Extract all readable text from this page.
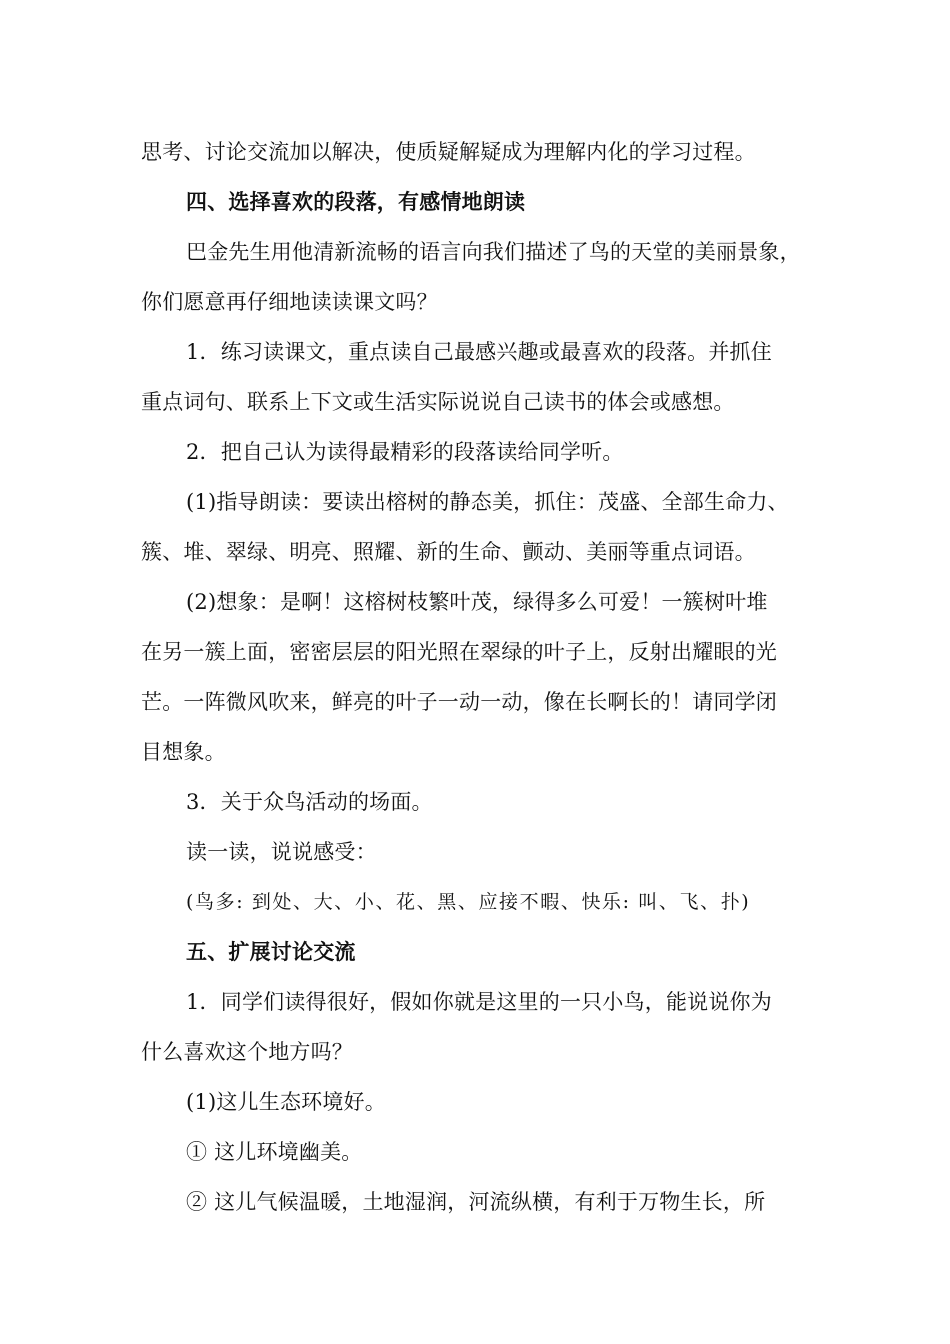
思考、讨论交流加以解决，使质疑解疑成为理解内化的学习过程。
四、选择喜欢的段落，有感情地朗读
巴金先生用他清新流畅的语言向我们描述了鸟的天堂的美丽景象，
你们愿意再仔细地读读课文吗？
1．练习读课文，重点读自己最感兴趣或最喜欢的段落。并抓住
重点词句、联系上下文或生活实际说说自己读书的体会或感想。
2．把自己认为读得最精彩的段落读给同学听。
(1)指导朗读：要读出榕树的静态美，抓住：茂盛、全部生命力、
簇、堆、翠绿、明亮、照耀、新的生命、颤动、美丽等重点词语。
(2)想象：是啊！这榕树枝繁叶茂，绿得多么可爱！一簇树叶堆
在另一簇上面，密密层层的阳光照在翠绿的叶子上，反射出耀眼的光
芒。一阵微风吹来，鲜亮的叶子一动一动，像在长啊长的！请同学闭
目想象。
3．关于众鸟活动的场面。
读一读，说说感受：
(鸟多: 到处、大、小、花、黑、应接不暇、快乐: 叫、飞、扑)
五、扩展讨论交流
1．同学们读得很好，假如你就是这里的一只小鸟，能说说你为
什么喜欢这个地方吗？
(1)这儿生态环境好。
① 这儿环境幽美。
② 这儿气候温暖，土地湿润，河流纵横，有利于万物生长，所
